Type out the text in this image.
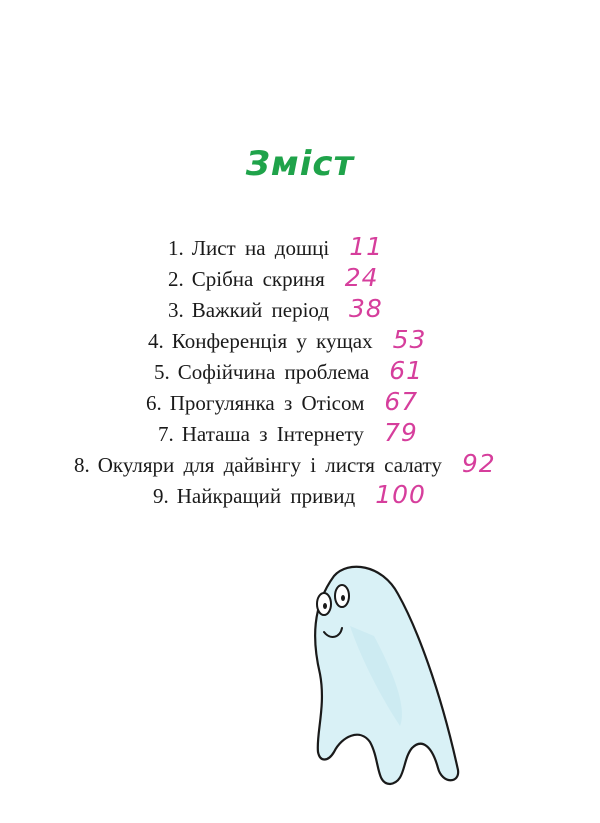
Зміст
1. Лист на дошці 11
2. Срібна скриня 24
3. Важкий період 38
4. Конференція у кущах 53
5. Софійчина проблема 61
6. Прогулянка з Отісом 67
7. Наташа з Інтернету 79
8. Окуляри для дайвінгу і листя салату 92
9. Найкращий привид 100
